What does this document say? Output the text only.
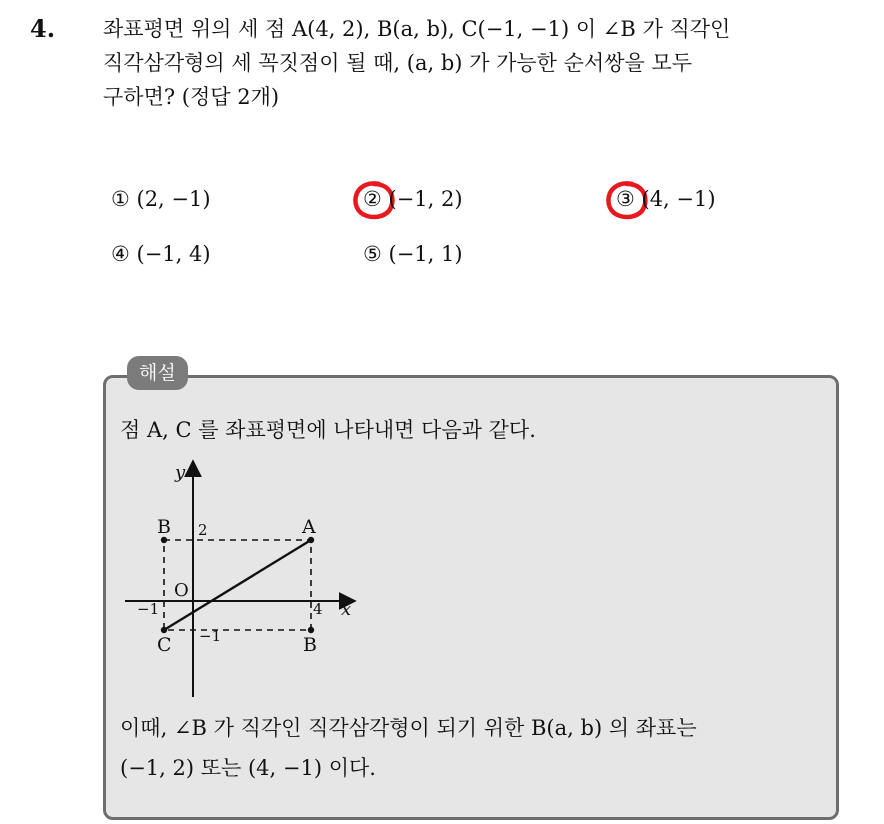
4. 좌표평면 위의 세 점 A(4, 2), B(a, b), C(−1, −1) 이 ∠B 가 직각인

직각삼각형의 세 꼭짓점이 될 때, (a, b) 가 가능한 순서쌍을 모두

구하면? (정답 2개)

① (2, −1)	② (−1, 2)	③ (4, −1)
④ (−1, 4)	⑤ (−1, 1)
해설
점 A, C 를 좌표평면에 나타내면 다음과 같다.
y
x
O
A
B
B
C
2
−1
−1	4
이때, ∠B 가 직각인 직각삼각형이 되기 위한 B(a, b) 의 좌표는
(−1, 2) 또는 (4, −1) 이다.
